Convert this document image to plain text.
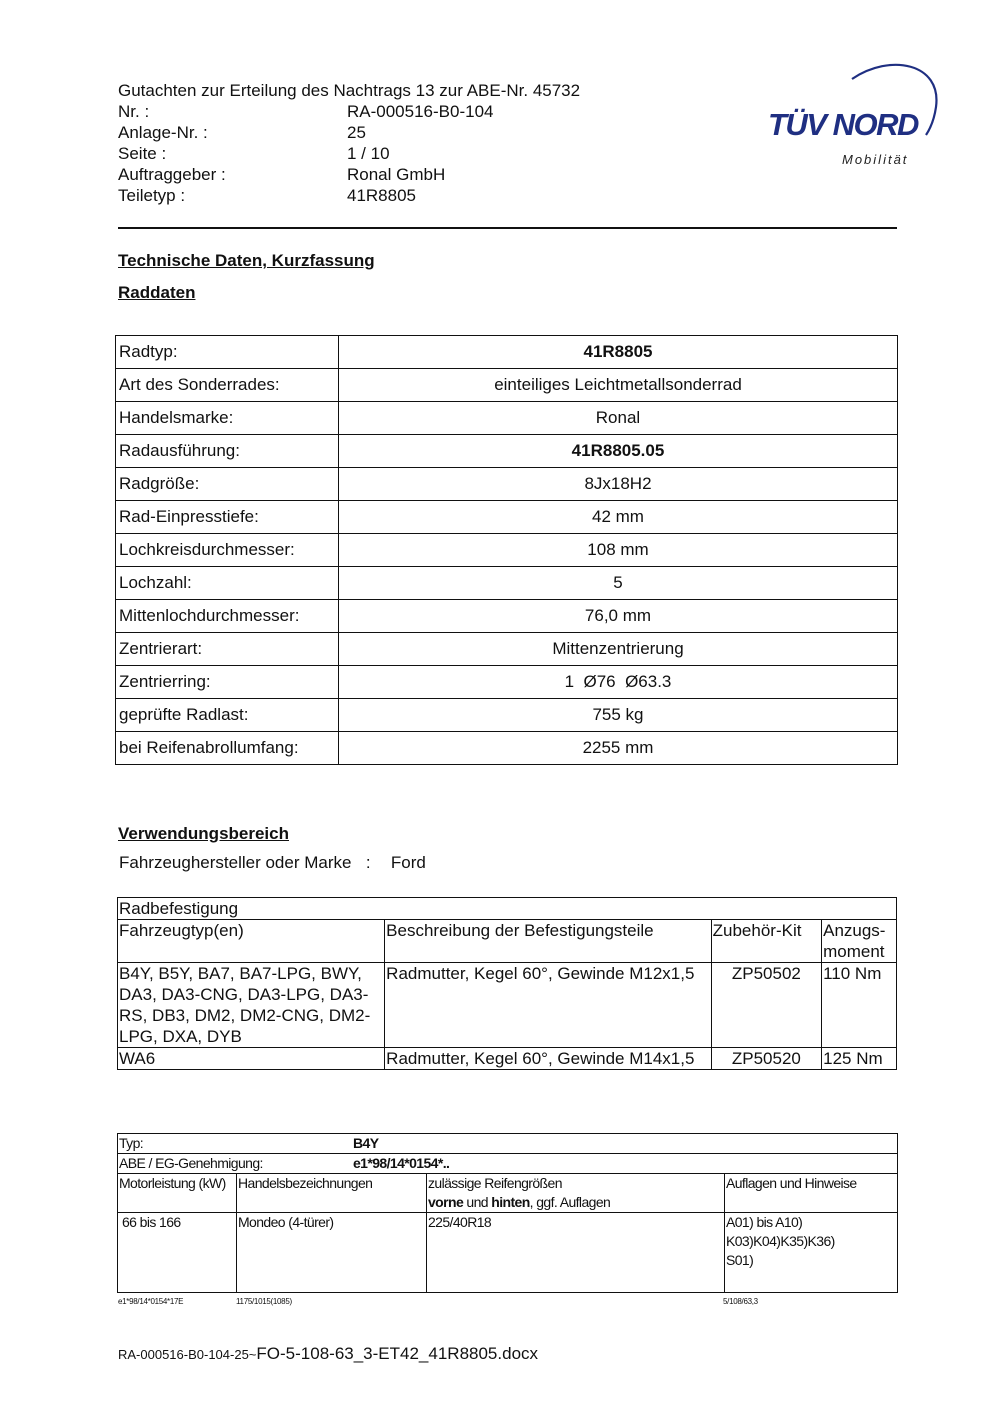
Gutachten zur Erteilung des Nachtrags 13 zur ABE-Nr. 45732
Nr. :	RA-000516-B0-104
Anlage-Nr. :	25
Seite :	1 / 10
Auftraggeber :	Ronal GmbH
Teiletyp :	41R8805
TÜV NORD
Mobilität
Technische Daten, Kurzfassung
Raddaten
Radtyp:	41R8805
Art des Sonderrades:	einteiliges Leichtmetallsonderrad
Handelsmarke:	Ronal
Radausführung:	41R8805.05
Radgröße:	8Jx18H2
Rad-Einpresstiefe:	42 mm
Lochkreisdurchmesser:	108 mm
Lochzahl:	5
Mittenlochdurchmesser:	76,0 mm
Zentrierart:	Mittenzentrierung
Zentrierring:	1  Ø76  Ø63.3
geprüfte Radlast:	755 kg
bei Reifenabrollumfang:	2255 mm
Verwendungsbereich
Fahrzeughersteller oder Marke : Ford
Radbefestigung			
Fahrzeugtyp(en)	Beschreibung der Befestigungsteile	Zubehör-Kit	Anzugs-
moment
B4Y, B5Y, BA7, BA7-LPG, BWY, DA3, DA3-CNG, DA3-LPG, DA3-RS, DB3, DM2, DM2-CNG, DM2-LPG, DXA, DYB	Radmutter, Kegel 60°, Gewinde M12x1,5	ZP50502	110 Nm
WA6	Radmutter, Kegel 60°, Gewinde M14x1,5	ZP50520	125 Nm
Typ: B4Y			
ABE / EG-Genehmigung: e1*98/14*0154*..			
Motorleistung (kW)	Handelsbezeichnungen	zulässige Reifengrößen
vorne und hinten, ggf. Auflagen	Auflagen und Hinweise
66 bis 166	Mondeo (4-türer)	225/40R18	A01) bis A10)
K03)K04)K35)K36)
S01)
e1*98/14*0154*17E	1175/1015(1085)	5/108/63,3
RA-000516-B0-104-25~FO-5-108-63_3-ET42_41R8805.docx
